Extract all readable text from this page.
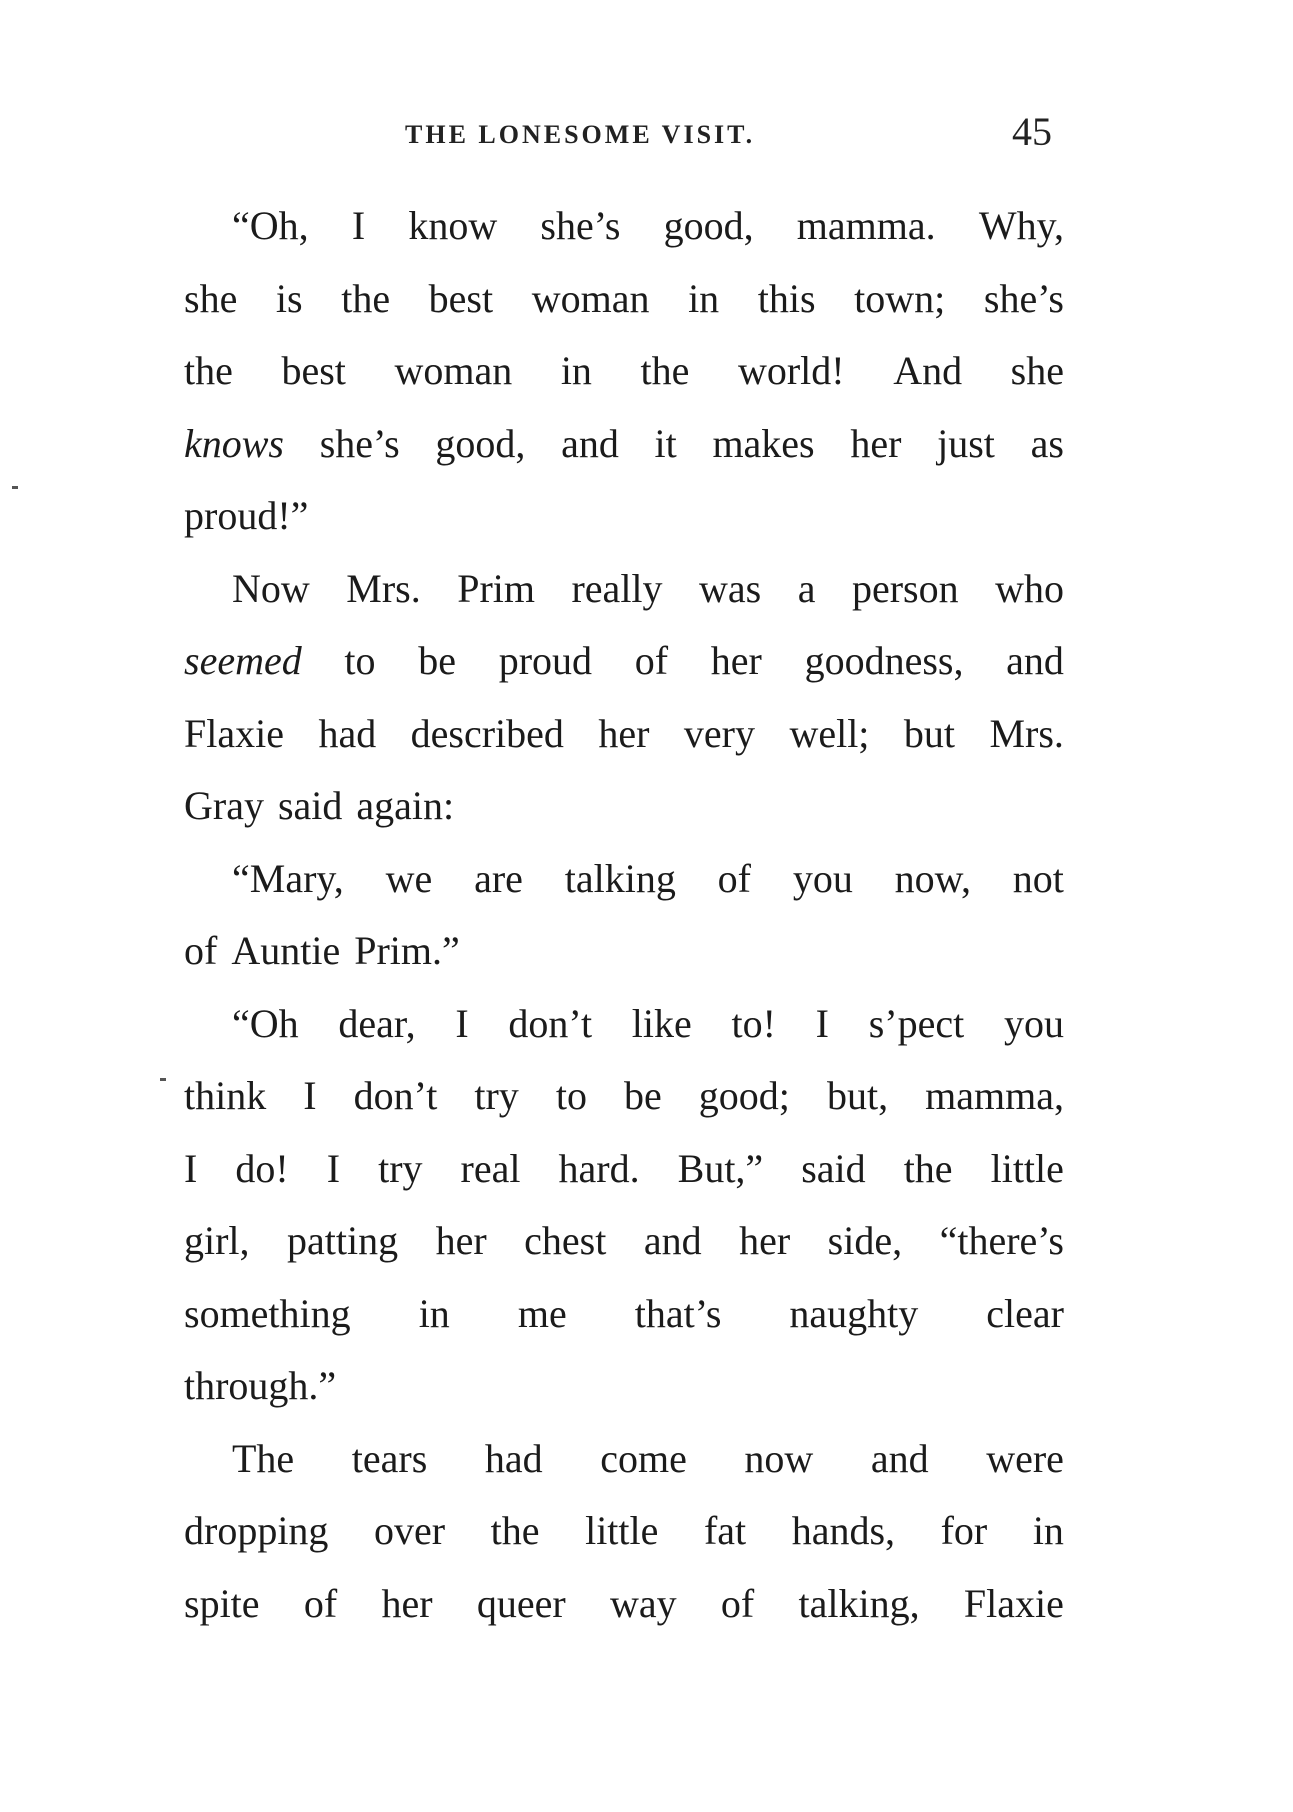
THE LONESOME VISIT.	45
“Oh, I know she’s good, mamma. Why,
she is the best woman in this town; she’s
the best woman in the world! And she
knows she’s good, and it makes her just as
proud!”
Now Mrs. Prim really was a person who
seemed to be proud of her goodness, and
Flaxie had described her very well; but Mrs.
Gray said again:
“Mary, we are talking of you now, not
of Auntie Prim.”
“Oh dear, I don’t like to! I s’pect you
think I don’t try to be good; but, mamma,
I do! I try real hard. But,” said the little
girl, patting her chest and her side, “there’s
something in me that’s naughty clear
through.”
The tears had come now and were
dropping over the little fat hands, for in
spite of her queer way of talking, Flaxie
